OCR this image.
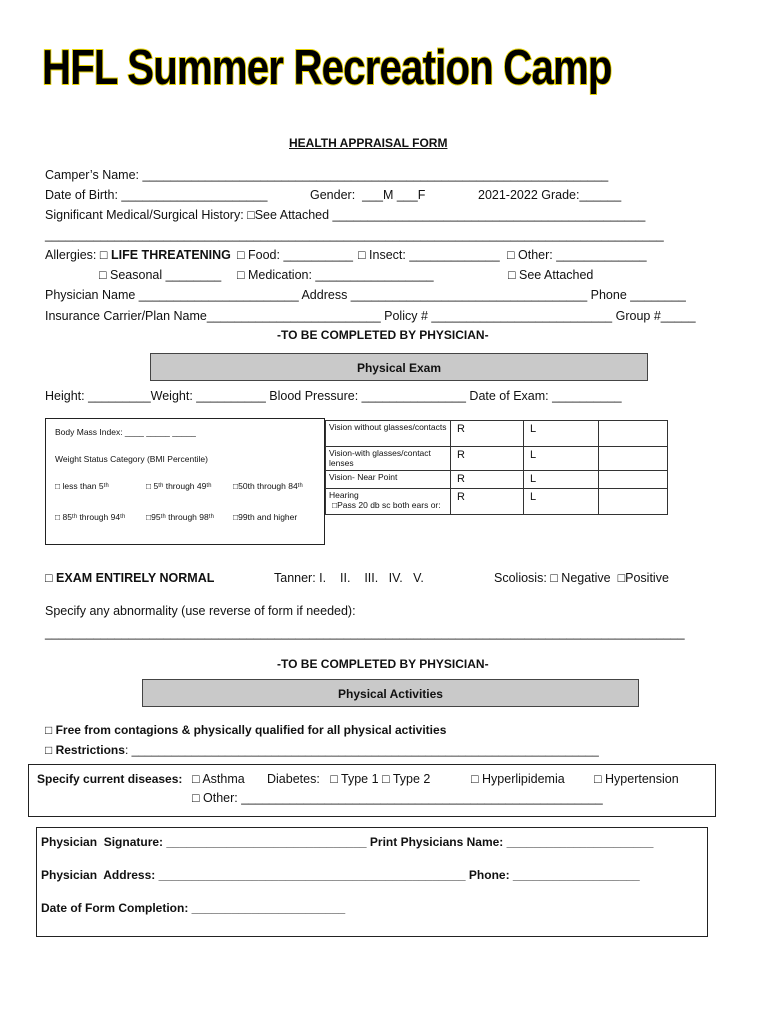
HFL Summer Recreation Camp
HEALTH APPRAISAL FORM
Camper’s Name: ___________________________________________________________________
Date of Birth: _____________________	Gender:  ___M ___F	2021-2022 Grade:______
Significant Medical/Surgical History: □See Attached _____________________________________________
_________________________________________________________________________________________
Allergies: □ LIFE THREATENING □ Food: __________ □ Insect: _____________ □ Other: _____________
□ Seasonal ________ □ Medication: _________________	□ See Attached
Physician Name _______________________ Address __________________________________ Phone ________
Insurance Carrier/Plan Name_________________________ Policy # __________________________ Group #_____
-TO BE COMPLETED BY PHYSICIAN-
Physical Exam
Height: _________Weight: __________ Blood Pressure: _______________ Date of Exam: __________
Body Mass Index: ____ _____ _____
Weight Status Category (BMI Percentile)
□ less than 5ᵗʰ	□ 5ᵗʰ through 49ᵗʰ	□50th through 84ᵗʰ
□ 85ᵗʰ through 94ᵗʰ □95ᵗʰ through 98ᵗʰ □99th and higher
Vision without glasses/contacts	R	L	
Vision-with glasses/contact lenses	R	L	
Vision- Near Point	R	L	

Hearing
□Pass 20 db sc both ears or:	R	L	
□ EXAM ENTIRELY NORMAL	Tanner: I.    II.    III.   IV.   V.	Scoliosis: □ Negative  □Positive
Specify any abnormality (use reverse of form if needed):
____________________________________________________________________________________________
-TO BE COMPLETED BY PHYSICIAN-
Physical Activities
□ Free from contagions & physically qualified for all physical activities
□ Restrictions: ______________________________________________________________________
Specify current diseases: □ Asthma Diabetes:   □ Type 1 □ Type 2	□ Hyperlipidemia □ Hypertension
□ Other: ____________________________________________________
Physician  Signature: ______________________________ Print Physicians Name: ______________________
Physician  Address: ______________________________________________ Phone: ___________________
Date of Form Completion: _______________________
